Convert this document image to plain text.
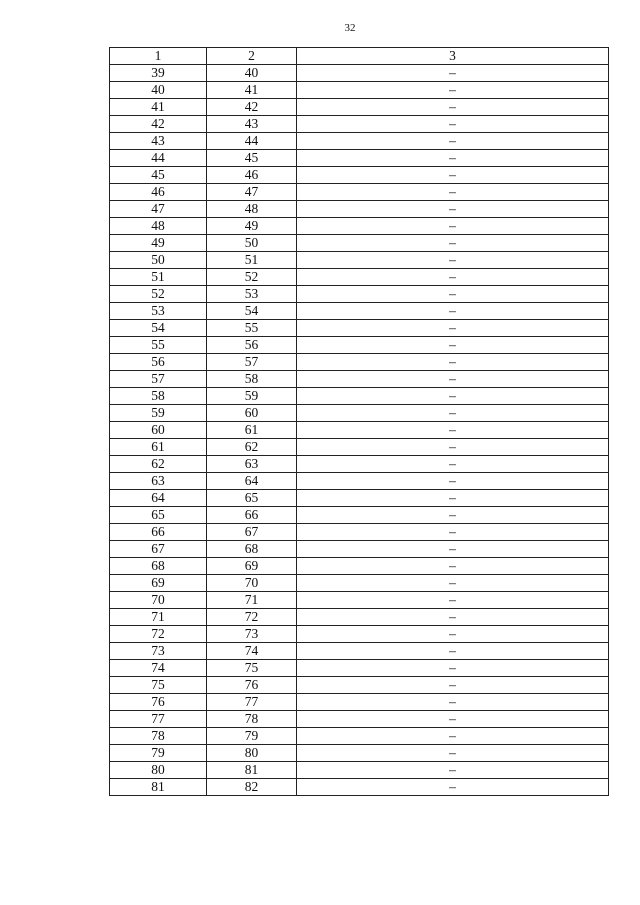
32
1	2	3
39	40	–
40	41	–
41	42	–
42	43	–
43	44	–
44	45	–
45	46	–
46	47	–
47	48	–
48	49	–
49	50	–
50	51	–
51	52	–
52	53	–
53	54	–
54	55	–
55	56	–
56	57	–
57	58	–
58	59	–
59	60	–
60	61	–
61	62	–
62	63	–
63	64	–
64	65	–
65	66	–
66	67	–
67	68	–
68	69	–
69	70	–
70	71	–
71	72	–
72	73	–
73	74	–
74	75	–
75	76	–
76	77	–
77	78	–
78	79	–
79	80	–
80	81	–
81	82	–
